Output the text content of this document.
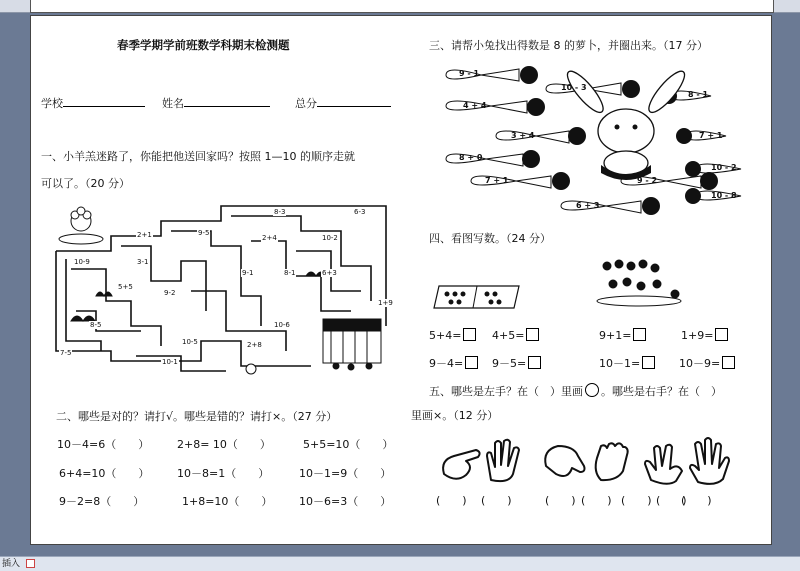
春季学期学前班数学科期末检测题
学校	姓名	总分
一、小羊羔迷路了，你能把他送回家吗？按照 1—10 的顺序走就
可以了。（20 分）
8-3	6-3
2+1	9-5
2+4	10-2
10-9	3-1
9-1	8-1	6+3
5+5
9-2
1+9
8-5	10-6
7-5
10-5	2+8
10-1
二、哪些是对的？请打√。哪些是错的？请打×。（27 分）
10－4=6（　　）	2+8= 10（　　）	5+5=10（　　）
6+4=10（　　）	10－8=1（　　）	10－1=9（　　）
9－2=8（　　）	1+8=10（　　） 10－6=3（　　）
三、请帮小兔找出得数是 8 的萝卜，并圈出来。（17 分）
9 - 1
10 - 3
8 - 1
4 + 4
3 + 4	7 + 1
8 + 0
10 - 2
7 + 1	9 - 2
10 - 8
6 + 3
四、看图写数。（24 分）
5+4=	4+5=	9+1=	1+9=
9－4=	9－5=	10－1=	10－9=
五、哪些是左手？在（　）里画 。哪些是右手？在（　）
里画×。（12 分）
(　　) (　　)	(　　) (　　) (　　) (　　)
(　　)
插入
